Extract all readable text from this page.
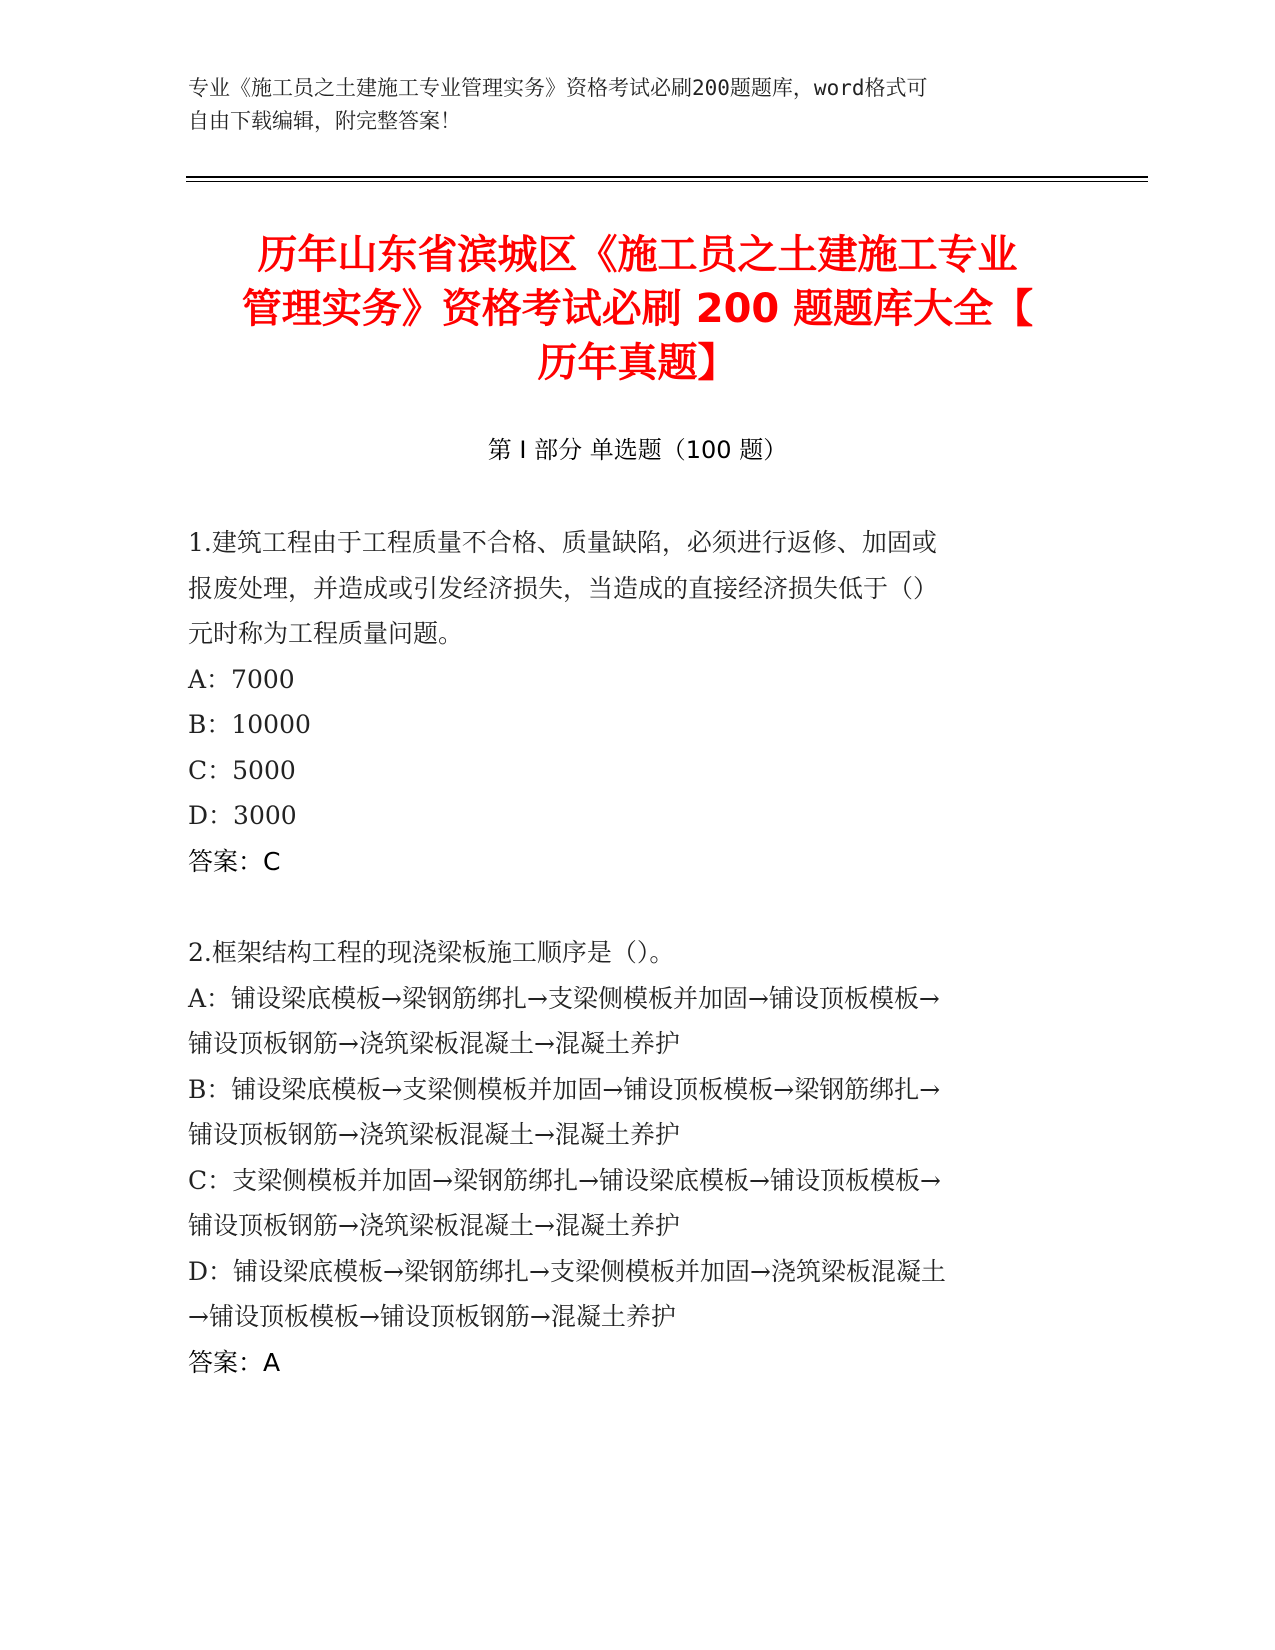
专业《施工员之土建施工专业管理实务》资格考试必刷200题题库，word格式可
自由下载编辑，附完整答案！
历年山东省滨城区《施工员之土建施工专业
管理实务》资格考试必刷 200 题题库大全【
历年真题】
第 I 部分 单选题（100 题）
1.建筑工程由于工程质量不合格、质量缺陷，必须进行返修、加固或
报废处理，并造成或引发经济损失，当造成的直接经济损失低于（）
元时称为工程质量问题。
A：7000
B：10000
C：5000
D：3000
答案：C
2.框架结构工程的现浇梁板施工顺序是（）。
A：铺设梁底模板→梁钢筋绑扎→支梁侧模板并加固→铺设顶板模板→
铺设顶板钢筋→浇筑梁板混凝土→混凝土养护
B：铺设梁底模板→支梁侧模板并加固→铺设顶板模板→梁钢筋绑扎→
铺设顶板钢筋→浇筑梁板混凝土→混凝土养护
C：支梁侧模板并加固→梁钢筋绑扎→铺设梁底模板→铺设顶板模板→
铺设顶板钢筋→浇筑梁板混凝土→混凝土养护
D：铺设梁底模板→梁钢筋绑扎→支梁侧模板并加固→浇筑梁板混凝土
→铺设顶板模板→铺设顶板钢筋→混凝土养护
答案：A
